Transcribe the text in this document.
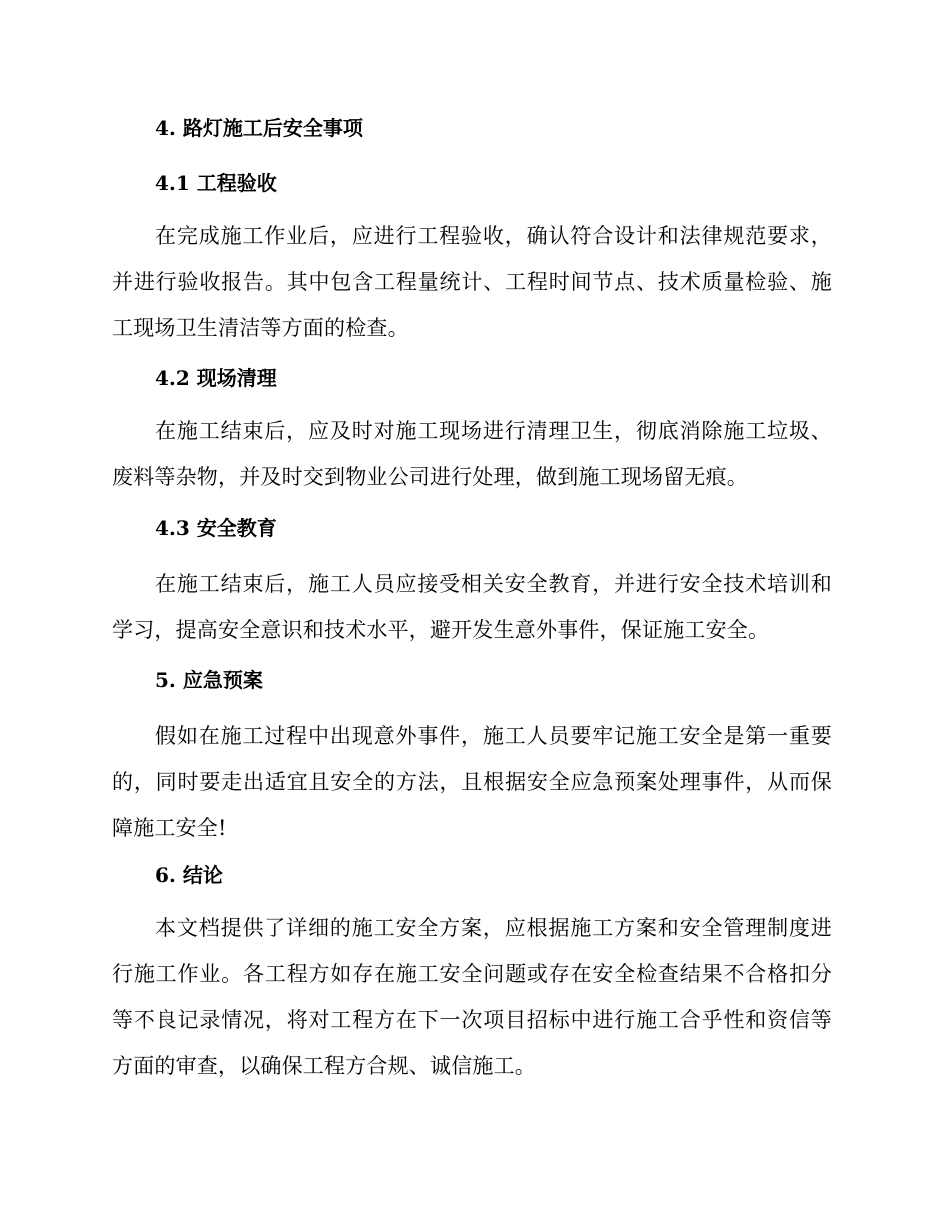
4. 路灯施工后安全事项
4.1 工程验收
在完成施工作业后，应进行工程验收，确认符合设计和法律规范要求，并进行验收报告。其中包含工程量统计、工程时间节点、技术质量检验、施工现场卫生清洁等方面的检查。
4.2 现场清理
在施工结束后，应及时对施工现场进行清理卫生，彻底消除施工垃圾、废料等杂物，并及时交到物业公司进行处理，做到施工现场留无痕。
4.3 安全教育
在施工结束后，施工人员应接受相关安全教育，并进行安全技术培训和学习，提高安全意识和技术水平，避开发生意外事件，保证施工安全。
5. 应急预案
假如在施工过程中出现意外事件，施工人员要牢记施工安全是第一重要的，同时要走出适宜且安全的方法，且根据安全应急预案处理事件，从而保障施工安全!
6. 结论
本文档提供了详细的施工安全方案，应根据施工方案和安全管理制度进行施工作业。各工程方如存在施工安全问题或存在安全检查结果不合格扣分等不良记录情况，将对工程方在下一次项目招标中进行施工合乎性和资信等方面的审查，以确保工程方合规、诚信施工。
